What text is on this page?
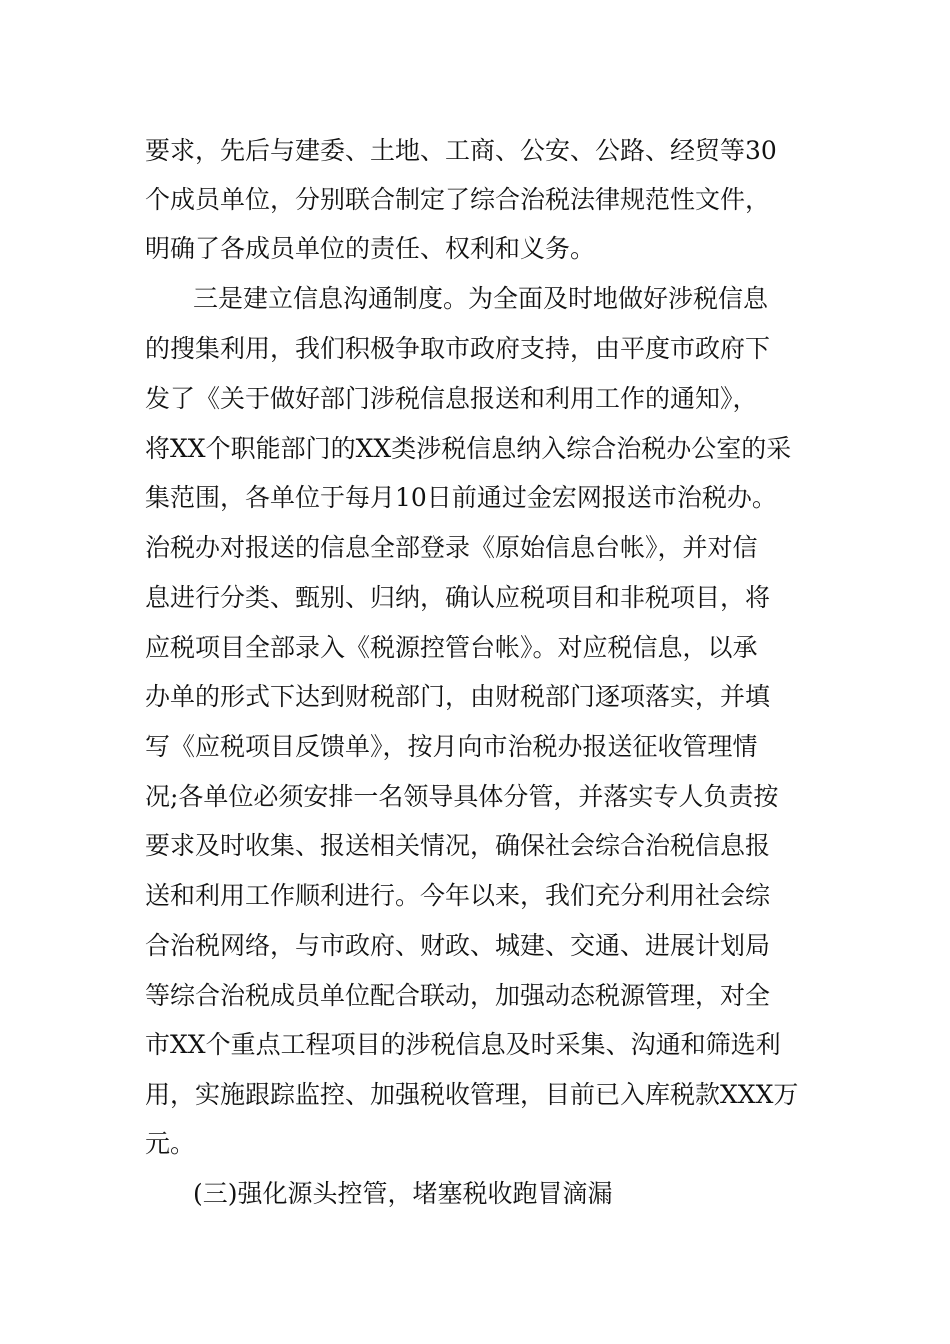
要求，先后与建委、土地、工商、公安、公路、经贸等30
个成员单位，分别联合制定了综合治税法律规范性文件，
明确了各成员单位的责任、权利和义务。
三是建立信息沟通制度。为全面及时地做好涉税信息
的搜集利用，我们积极争取市政府支持，由平度市政府下
发了《关于做好部门涉税信息报送和利用工作的通知》，
将XX个职能部门的XX类涉税信息纳入综合治税办公室的采
集范围，各单位于每月10日前通过金宏网报送市治税办。
治税办对报送的信息全部登录《原始信息台帐》，并对信
息进行分类、甄别、归纳，确认应税项目和非税项目，将
应税项目全部录入《税源控管台帐》。对应税信息，以承
办单的形式下达到财税部门，由财税部门逐项落实，并填
写《应税项目反馈单》，按月向市治税办报送征收管理情
况;各单位必须安排一名领导具体分管，并落实专人负责按
要求及时收集、报送相关情况，确保社会综合治税信息报
送和利用工作顺利进行。今年以来，我们充分利用社会综
合治税网络，与市政府、财政、城建、交通、进展计划局
等综合治税成员单位配合联动，加强动态税源管理，对全
市XX个重点工程项目的涉税信息及时采集、沟通和筛选利
用，实施跟踪监控、加强税收管理，目前已入库税款XXX万
元。
(三)强化源头控管，堵塞税收跑冒滴漏
